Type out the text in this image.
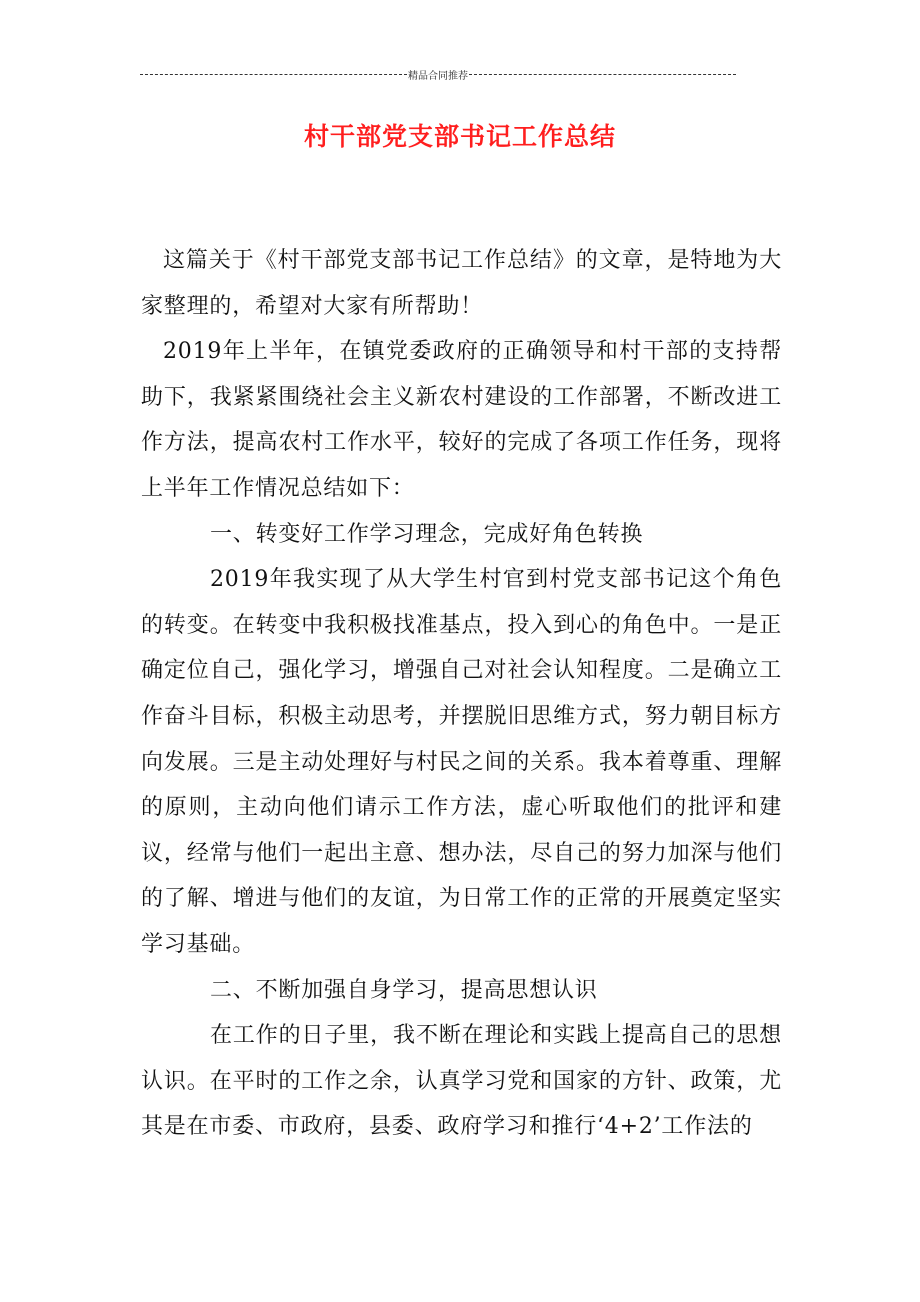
精品合同推荐
村干部党支部书记工作总结

这篇关于《村干部党支部书记工作总结》的文章，是特地为大家整理的，希望对大家有所帮助！

2019年上半年，在镇党委政府的正确领导和村干部的支持帮助下，我紧紧围绕社会主义新农村建设的工作部署，不断改进工作方法，提高农村工作水平，较好的完成了各项工作任务，现将上半年工作情况总结如下：

一、转变好工作学习理念，完成好角色转换

2019年我实现了从大学生村官到村党支部书记这个角色的转变。在转变中我积极找准基点，投入到心的角色中。一是正确定位自己，强化学习，增强自己对社会认知程度。二是确立工作奋斗目标，积极主动思考，并摆脱旧思维方式，努力朝目标方向发展。三是主动处理好与村民之间的关系。我本着尊重、理解的原则，主动向他们请示工作方法，虚心听取他们的批评和建议，经常与他们一起出主意、想办法，尽自己的努力加深与他们的了解、增进与他们的友谊，为日常工作的正常的开展奠定坚实学习基础。

二、不断加强自身学习，提高思想认识

在工作的日子里，我不断在理论和实践上提高自己的思想认识。在平时的工作之余，认真学习党和国家的方针、政策，尤其是在市委、市政府，县委、政府学习和推行‘4+2’工作法的
